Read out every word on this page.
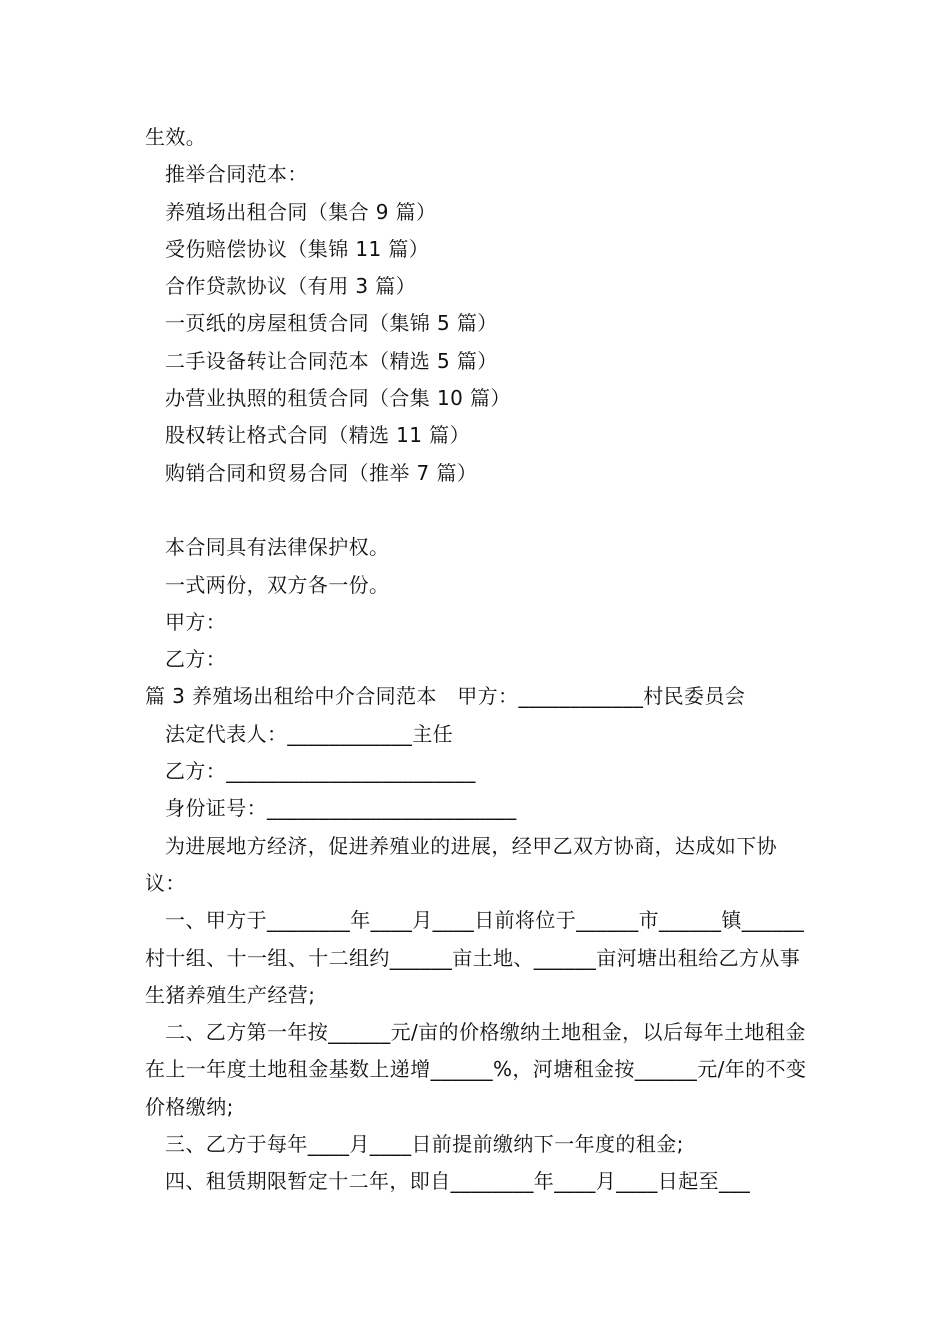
生效。
推举合同范本：
养殖场出租合同（集合 9 篇）
受伤赔偿协议（集锦 11 篇）
合作贷款协议（有用 3 篇）
一页纸的房屋租赁合同（集锦 5 篇）
二手设备转让合同范本（精选 5 篇）
办营业执照的租赁合同（合集 10 篇）
股权转让格式合同（精选 11 篇）
购销合同和贸易合同（推举 7 篇）
本合同具有法律保护权。
一式两份，双方各一份。
甲方：
乙方：
篇 3 养殖场出租给中介合同范本　甲方：____________村民委员会
法定代表人：____________主任
乙方：________________________
身份证号：________________________
为进展地方经济，促进养殖业的进展，经甲乙双方协商，达成如下协议：
一、甲方于________年____月____日前将位于______市______镇______村十组、十一组、十二组约______亩土地、______亩河塘出租给乙方从事生猪养殖生产经营;
二、乙方第一年按______元/亩的价格缴纳土地租金，以后每年土地租金在上一年度土地租金基数上递增______%，河塘租金按______元/年的不变价格缴纳;
三、乙方于每年____月____日前提前缴纳下一年度的租金;
四、租赁期限暂定十二年，即自________年____月____日起至___
